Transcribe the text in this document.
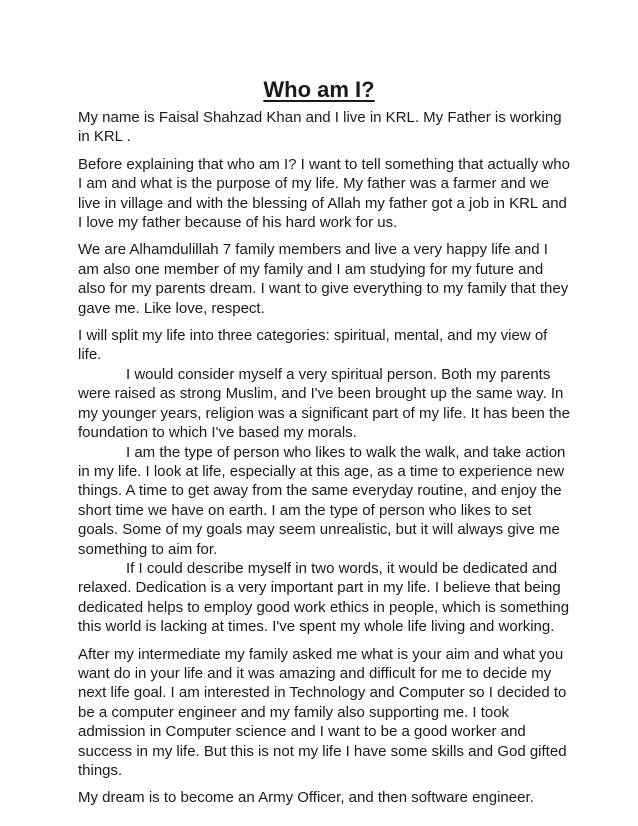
Who am I?

My name is Faisal Shahzad Khan and I live in KRL. My Father is working in KRL .

Before explaining that who am I? I want to tell something that actually who I am and what is the purpose of my life. My father was a farmer and we live in village and with the blessing of Allah my father got a job in KRL and I love my father because of his hard work for us.

We are Alhamdulillah 7 family members and live a very happy life and I am also one member of my family and I am studying for my future and also for my parents dream. I want to give everything to my family that they gave me. Like love, respect.

I will split my life into three categories: spiritual, mental, and my view of life.

I would consider myself a very spiritual person. Both my parents were raised as strong Muslim, and I've been brought up the same way. In my younger years, religion was a significant part of my life. It has been the foundation to which I've based my morals.

I am the type of person who likes to walk the walk, and take action in my life. I look at life, especially at this age, as a time to experience new things. A time to get away from the same everyday routine, and enjoy the short time we have on earth. I am the type of person who likes to set goals. Some of my goals may seem unrealistic, but it will always give me something to aim for.

If I could describe myself in two words, it would be dedicated and relaxed. Dedication is a very important part in my life. I believe that being dedicated helps to employ good work ethics in people, which is something this world is lacking at times. I've spent my whole life living and working.

After my intermediate my family asked me what is your aim and what you want do in your life and it was amazing and difficult for me to decide my next life goal. I am interested in Technology and Computer so I decided to be a computer engineer and my family also supporting me. I took admission in Computer science and I want to be a good worker and success in my life. But this is not my life I have some skills and God gifted things.

My dream is to become an Army Officer, and then software engineer.
